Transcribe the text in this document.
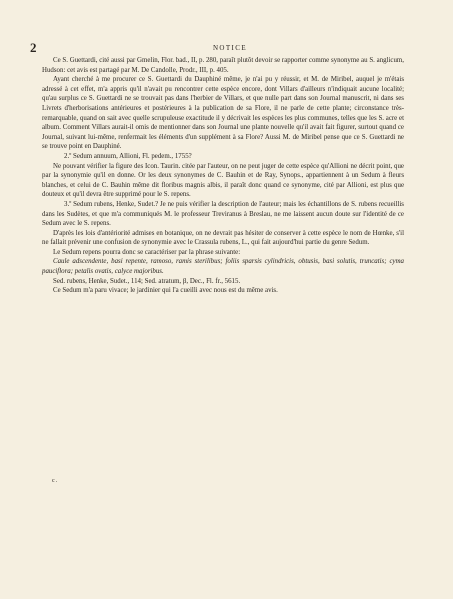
2	NOTICE

Ce S. Guettardi, cité aussi par Gmelin, Flor. bad., II, p. 280, paraît plutôt devoir se rapporter comme synonyme au S. anglicum, Hudson: cet avis est partagé par M. De Candolle, Prodr., III, p. 405.

Ayant cherché à me procurer ce S. Guettardi du Dauphiné même, je n'ai pu y réussir, et M. de Miribel, auquel je m'étais adressé à cet effet, m'a appris qu'il n'avait pu rencontrer cette espèce encore, dont Villars d'ailleurs n'indiquait aucune localité; qu'au surplus ce S. Guettardi ne se trouvait pas dans l'herbier de Villars, et que nulle part dans son Journal manuscrit, ni dans ses Livrets d'herborisations antérieures et postérieures à la publication de sa Flore, il ne parle de cette plante; circonstance très-remarquable, quand on sait avec quelle scrupuleuse exactitude il y décrivait les espèces les plus communes, telles que les S. acre et album. Comment Villars aurait-il omis de mentionner dans son Journal une plante nouvelle qu'il avait fait figurer, surtout quand ce Journal, suivant lui-même, renfermait les éléments d'un supplément à sa Flore? Aussi M. de Miribel pense que ce S. Guettardi ne se trouve point en Dauphiné.

2.º Sedum annuum, Allioni, Fl. pedem., 1755?

Ne pouvant vérifier la figure des Icon. Taurin. citée par l'auteur, on ne peut juger de cette espèce qu'Allioni ne décrit point, que par la synonymie qu'il en donne. Or les deux synonymes de C. Bauhin et de Ray, Synops., appartiennent à un Sedum à fleurs blanches, et celui de C. Bauhin même dit floribus magnis albis, il paraît donc quand ce synonyme, cité par Allioni, est plus que douteux et qu'il devra être supprimé pour le S. repens.

3.º Sedum rubens, Henke, Sudet.? Je ne puis vérifier la description de l'auteur; mais les échantillons de S. rubens recueillis dans les Sudètes, et que m'a communiqués M. le professeur Treviranus à Breslau, ne me laissent aucun doute sur l'identité de ce Sedum avec le S. repens.

D'après les lois d'antériorité admises en botanique, on ne devrait pas hésiter de conserver à cette espèce le nom de Hœnke, s'il ne fallait prévenir une confusion de synonymie avec le Crassula rubens, L., qui fait aujourd'hui partie du genre Sedum.

Le Sedum repens pourra donc se caractériser par la phrase suivante:

Caule adscendente, basi repente, ramoso, ramis sterilibus; foliis sparsis cylindricis, obtusis, basi solutis, truncatis; cyma pauciflora; petalis ovatis, calyce majoribus.

Sed. rubens, Henke, Sudet., 114; Sed. atratum, β, Dec., Fl. fr., 5615.

Ce Sedum m'a paru vivace; le jardinier qui l'a cueilli avec nous est du même avis.

c.
